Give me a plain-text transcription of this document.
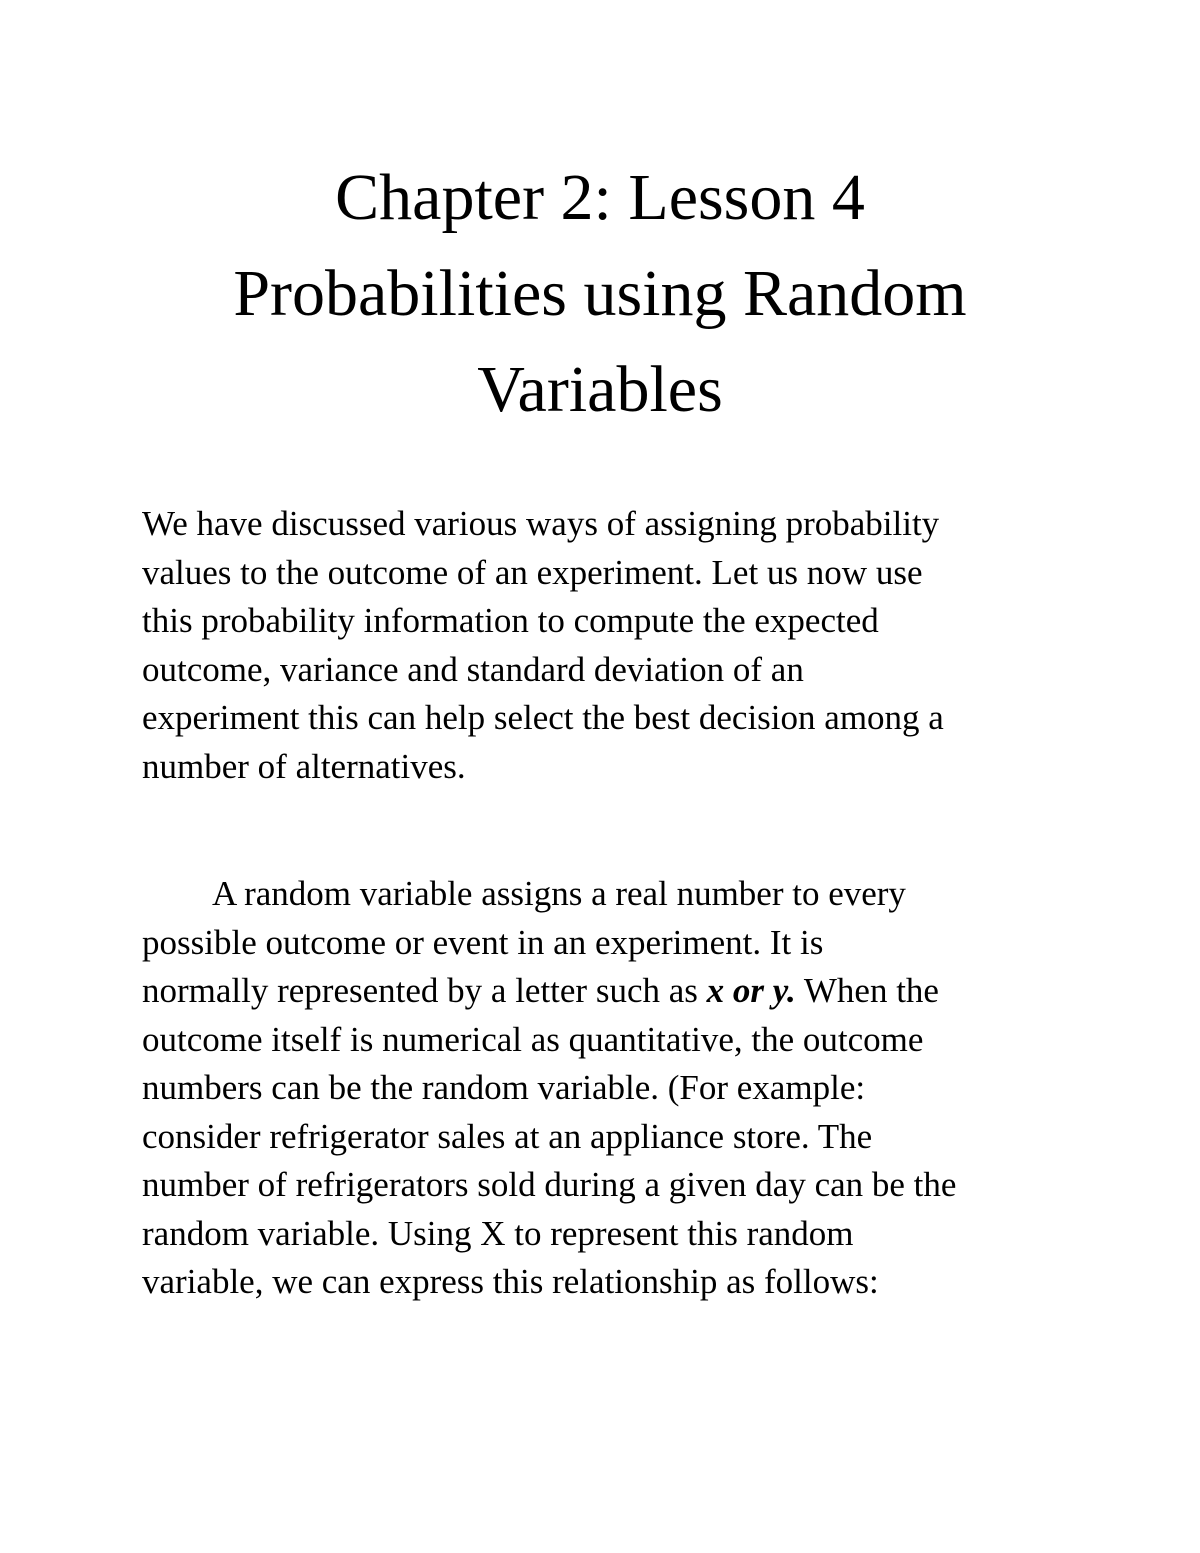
Chapter 2: Lesson 4
Probabilities using Random
Variables
We have discussed various ways of assigning probability
values to the outcome of an experiment. Let us now use
this probability information to compute the expected
outcome, variance and standard deviation of an
experiment this can help select the best decision among a
number of alternatives.
A random variable assigns a real number to every
possible outcome or event in an experiment. It is
normally represented by a letter such as x or y. When the
outcome itself is numerical as quantitative, the outcome
numbers can be the random variable. (For example:
consider refrigerator sales at an appliance store. The
number of refrigerators sold during a given day can be the
random variable. Using X to represent this random
variable, we can express this relationship as follows:
